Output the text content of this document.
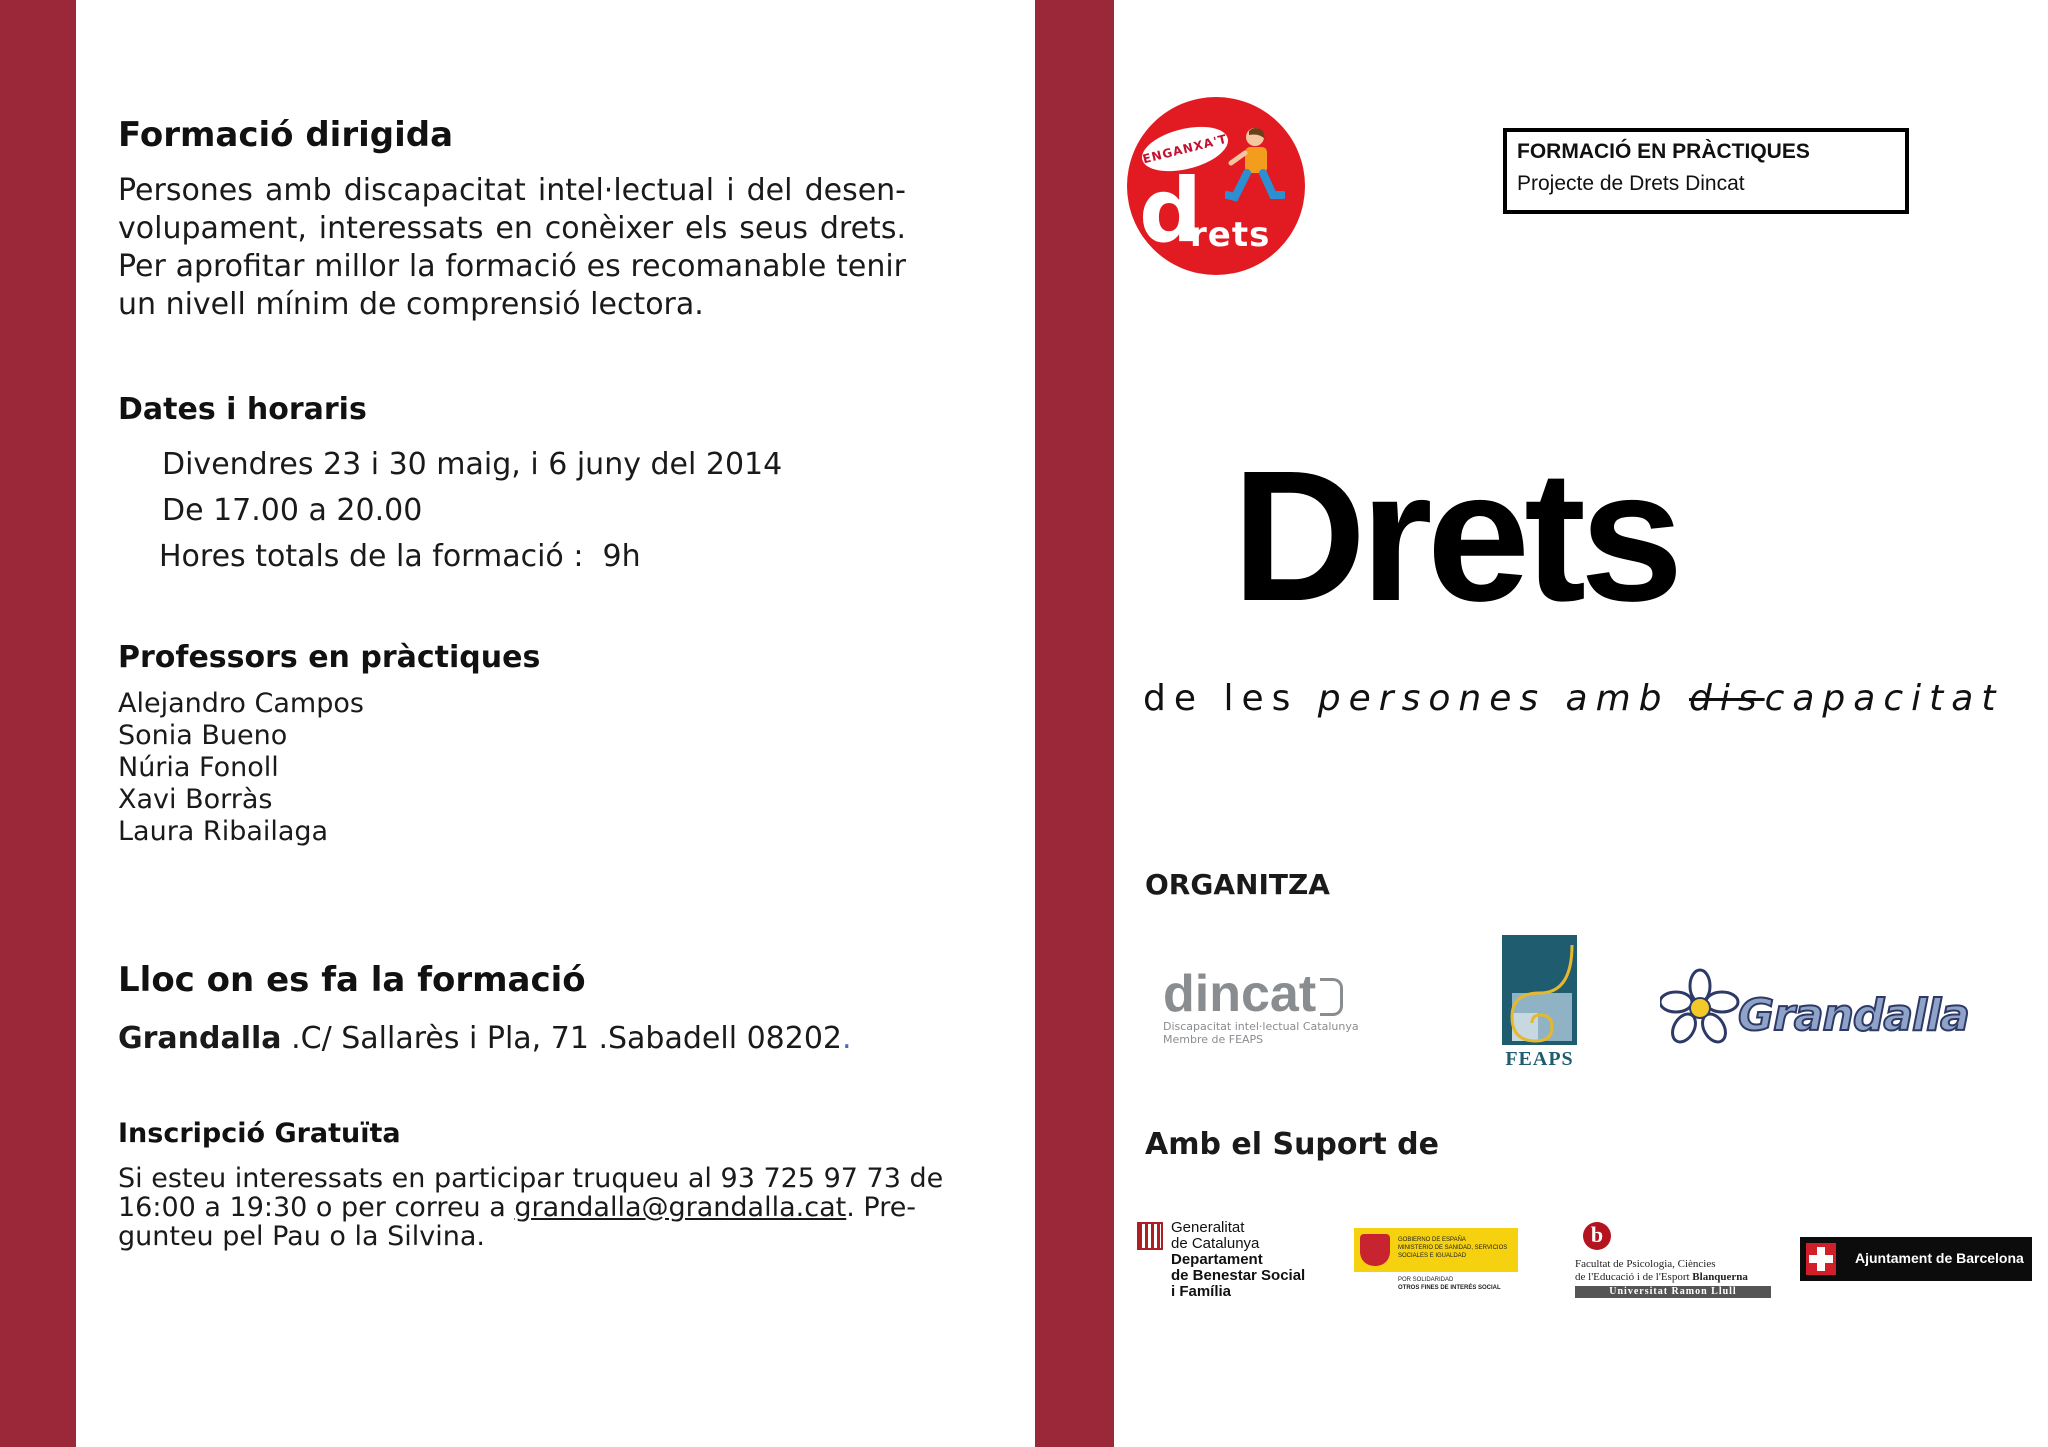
Formació dirigida
Persones amb discapacitat intel·lectual i del desen-
volupament, interessats en conèixer els seus drets.
Per aprofitar millor la formació es recomanable tenir
un nivell mínim de comprensió lectora.
Dates i horaris
Divendres 23 i 30 maig, i 6 juny del 2014
De 17.00 a 20.00
Hores totals de la formació :  9h
Professors en pràctiques
Alejandro Campos
Sonia Bueno
Núria Fonoll
Xavi Borràs
Laura Ribailaga
Lloc on es fa la formació
Grandalla .C/ Sallarès i Pla, 71 .Sabadell 08202.
Inscripció Gratuïta
Si esteu interessats en participar truqueu al 93 725 97 73 de
16:00 a 19:30 o per correu a grandalla@grandalla.cat. Pre-
gunteu pel Pau o la Silvina.
ENGANXA'T
d
rets
FORMACIÓ EN PRÀCTIQUES
Projecte de Drets Dincat
Drets
de les persones amb discapacitat
ORGANITZA
dincat
Discapacitat intel·lectual Catalunya
Membre de FEAPS
FEAPS
Grandalla
Amb el Suport de
Generalitat
de Catalunya
Departament
de Benestar Social
i Família
GOBIERNO DE ESPAÑA
MINISTERIO DE SANIDAD, SERVICIOS SOCIALES E IGUALDAD
POR SOLIDARIDAD
OTROS FINES DE INTERÉS SOCIAL
b
Facultat de Psicologia, Ciències
de l'Educació i de l'Esport Blanquerna
Universitat Ramon Llull
Ajuntament de Barcelona
